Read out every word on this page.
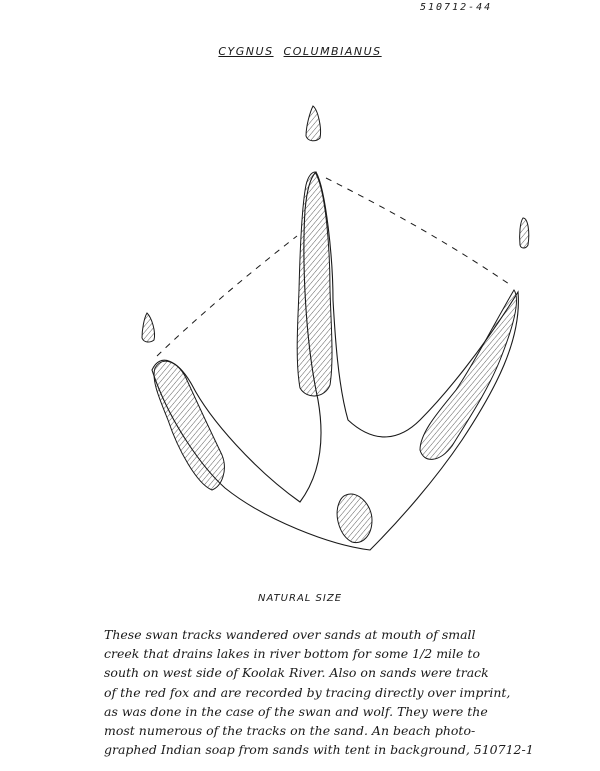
510712-44
CYGNUS COLUMBIANUS
NATURAL SIZE
These swan tracks wandered over sands at mouth of small
creek that drains lakes in river bottom for some 1/2 mile to
south on west side of Koolak River. Also on sands were track
of the red fox and are recorded by tracing directly over imprint,
as was done in the case of the swan and wolf. They were the
most numerous of the tracks on the sand. An beach photo-
graphed Indian soap from sands with tent in background, 510712-1
